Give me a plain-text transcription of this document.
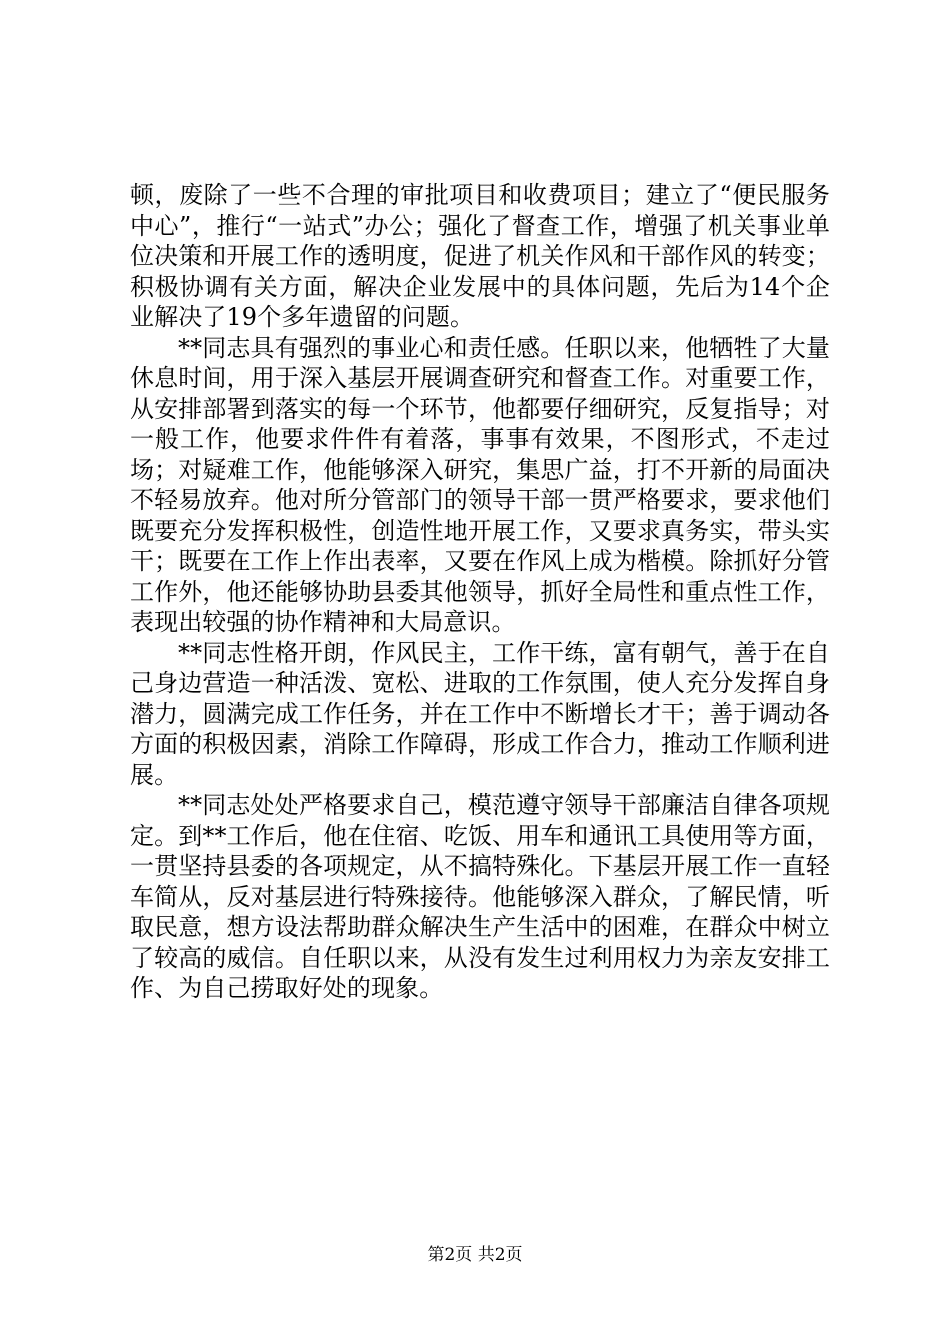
顿，废除了一些不合理的审批项目和收费项目；建立了“便民服务中心”，推行“一站式”办公；强化了督查工作，增强了机关事业单位决策和开展工作的透明度，促进了机关作风和干部作风的转变；积极协调有关方面，解决企业发展中的具体问题，先后为14个企业解决了19个多年遗留的问题。

**同志具有强烈的事业心和责任感。任职以来，他牺牲了大量休息时间，用于深入基层开展调查研究和督查工作。对重要工作，从安排部署到落实的每一个环节，他都要仔细研究，反复指导；对一般工作，他要求件件有着落，事事有效果，不图形式，不走过场；对疑难工作，他能够深入研究，集思广益，打不开新的局面决不轻易放弃。他对所分管部门的领导干部一贯严格要求，要求他们既要充分发挥积极性，创造性地开展工作，又要求真务实，带头实干；既要在工作上作出表率，又要在作风上成为楷模。除抓好分管工作外，他还能够协助县委其他领导，抓好全局性和重点性工作，表现出较强的协作精神和大局意识。

**同志性格开朗，作风民主，工作干练，富有朝气，善于在自己身边营造一种活泼、宽松、进取的工作氛围，使人充分发挥自身潜力，圆满完成工作任务，并在工作中不断增长才干；善于调动各方面的积极因素，消除工作障碍，形成工作合力，推动工作顺利进展。

**同志处处严格要求自己，模范遵守领导干部廉洁自律各项规定。到**工作后，他在住宿、吃饭、用车和通讯工具使用等方面，一贯坚持县委的各项规定，从不搞特殊化。下基层开展工作一直轻车简从，反对基层进行特殊接待。他能够深入群众，了解民情，听取民意，想方设法帮助群众解决生产生活中的困难，在群众中树立了较高的威信。自任职以来，从没有发生过利用权力为亲友安排工作、为自己捞取好处的现象。

第2页 共2页
